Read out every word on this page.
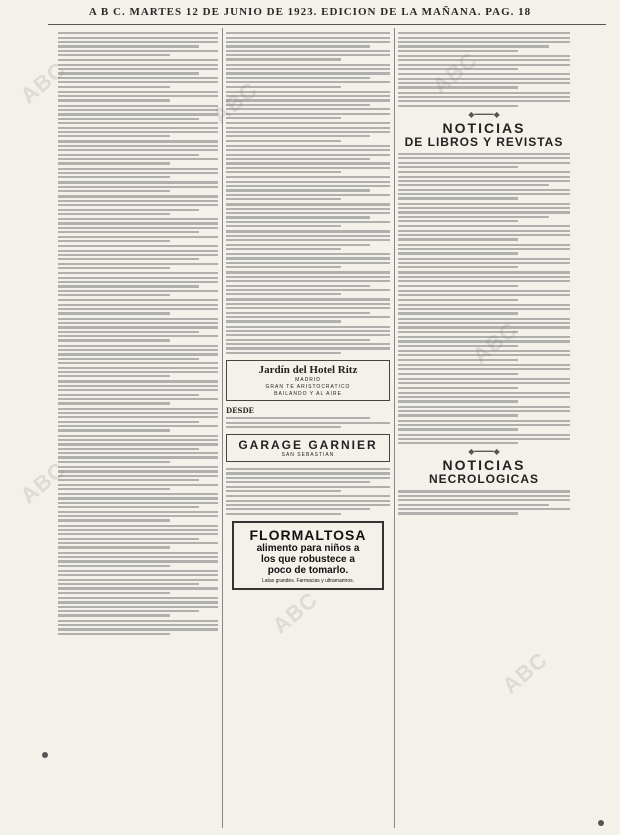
A B C. MARTES 12 DE JUNIO DE 1923. EDICION DE LA MAÑANA. PAG. 18
Jardín del Hotel Ritz
MADRID
GRAN TE ARISTOCRATICO
BAILANDO Y AL AIRE
DESDE
GARAGE GARNIER
SAN SEBASTIAN
FLORMALTOSA
alimento para niños a
los que robustece a
poco de tomarlo.
Latas grandes. Farmacias y ultramarinos.
◆━━━━◆
NOTICIAS
DE LIBROS Y REVISTAS
◆━━━━◆
NOTICIAS
NECROLOGICAS
ABC
ABC
ABC
ABC
ABC
ABC
